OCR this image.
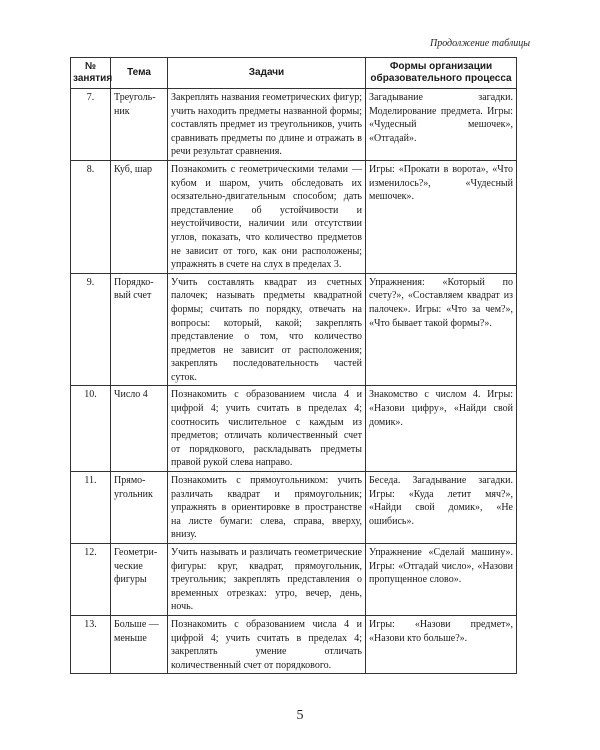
Продолжение таблицы
№ занятия	Тема	Задачи	Формы организации образовательного процесса
7.	Треугольник	Закреплять названия геометрических фигур; учить находить предметы названной формы; составлять предмет из треугольников, учить сравнивать предметы по длине и отражать в речи результат сравнения.	Загадывание загадки. Моделирование предмета. Игры: «Чудесный мешочек», «Отгадай».
8.	Куб, шар	Познакомить с геометрическими телами — кубом и шаром, учить обследовать их осязательно-двигательным способом; дать представление об устойчивости и неустойчивости, наличии или отсутствии углов, показать, что количество предметов не зависит от того, как они расположены; упражнять в счете на слух в пределах 3.	Игры: «Прокати в ворота», «Что изменилось?», «Чудесный мешочек».
9.	Порядковый счет	Учить составлять квадрат из счетных палочек; называть предметы квадратной формы; считать по порядку, отвечать на вопросы: который, какой; закреплять представление о том, что количество предметов не зависит от расположения; закреплять последовательность частей суток.	Упражнения: «Который по счету?», «Составляем квадрат из палочек». Игры: «Что за чем?», «Что бывает такой формы?».
10.	Число 4	Познакомить с образованием числа 4 и цифрой 4; учить считать в пределах 4; соотносить числительное с каждым из предметов; отличать количественный счет от порядкового, раскладывать предметы правой рукой слева направо.	Знакомство с числом 4. Игры: «Назови цифру», «Найди свой домик».
11.	Прямоугольник	Познакомить с прямоугольником: учить различать квадрат и прямоугольник; упражнять в ориентировке в пространстве на листе бумаги: слева, справа, вверху, внизу.	Беседа. Загадывание загадки. Игры: «Куда летит мяч?», «Найди свой домик», «Не ошибись».
12.	Геометрические фигуры	Учить называть и различать геометрические фигуры: круг, квадрат, прямоугольник, треугольник; закреплять представления о временных отрезках: утро, вечер, день, ночь.	Упражнение «Сделай машину». Игры: «Отгадай число», «Назови пропущенное слово».
13.	Больше — меньше	Познакомить с образованием числа 4 и цифрой 4; учить считать в пределах 4; закреплять умение отличать количественный счет от порядкового.	Игры: «Назови предмет», «Назови кто больше?».
5
